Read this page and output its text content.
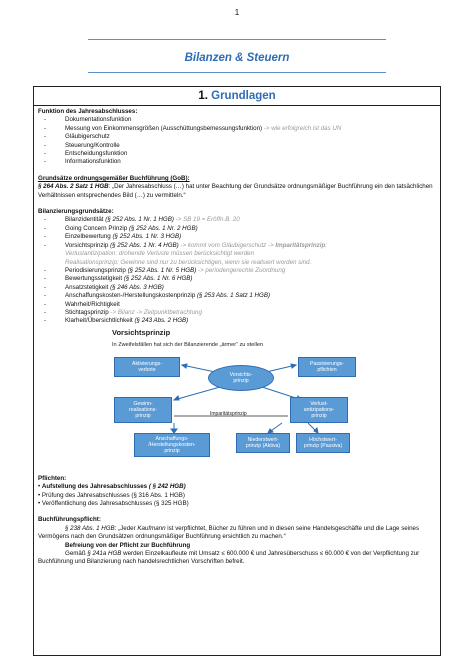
1
Bilanzen & Steuern
1. Grundlagen
Funktion des Jahresabschlusses:
-	Dokumentationsfunktion
-	Messung von Einkommensgrößen (Ausschüttungsbemessungsfunktion) -> wie erfolgreich ist das UN
-	Gläubigerschutz
-	Steuerung/Kontrolle
-	Entscheidungsfunktion
-	Informationsfunktion
Grundsätze ordnungsgemäßer Buchführung (GoB):
§ 264 Abs. 2 Satz 1 HGB: „Der Jahresabschluss (…) hat unter Beachtung der Grundsätze ordnungsmäßiger Buchführung ein den tatsächlichen Verhältnissen entsprechendes Bild (…) zu vermitteln.“
Bilanzierungsgrundsätze:
-	Bilanzidentität (§ 252 Abs. 1 Nr. 1 HGB) -> SB 19 = Eröffn.B. 20
-	Going Concern Prinzip (§ 252 Abs. 1 Nr. 2 HGB)
-	Einzelbewertung (§ 252 Abs. 1 Nr. 3 HGB)
-	Vorsichtsprinzip (§ 252 Abs. 1 Nr. 4 HGB) -> kommt vom Gläubigerschutz -> Imparitätsprinzip:
Verlustantizipation: drohende Verluste müssen berücksichtigt werden
Realisationsprinzip: Gewinne sind nur zu berücksichtigen, wenn sie realisiert worden sind.
-	Periodisierungsprinzip (§ 252 Abs. 1 Nr. 5 HGB) -> periodengerechte Zuordnung
-	Bewertungsstetigkeit (§ 252 Abs. 1 Nr. 6 HGB)
-	Ansatzstetigkeit (§ 246 Abs. 3 HGB)
-	Anschaffungskosten-/Herstellungskostenprinzip (§ 253 Abs. 1 Satz 1 HGB)
-	Wahrheit/Richtigkeit
-	Stichtagsprinzip -> Bilanz -> Zeitpunktbetrachtung
-	Klarheit/Übersichtlichkeit (§ 243 Abs. 2 HGB)
Vorsichtsprinzip
In Zweifelsfällen hat sich der Bilanzierende „ärmer“ zu stellen
Aktivierungs-
verbote
Passivierungs-
pflichten
Vorsichts-
prinzip
Gewinn-
realisations-
prinzip
Verlust-
antizipations-
prinzip
Imparitätsprinzip
Anschaffungs-
/Herstellungskosten-
prinzip
Niederstwert-
prinzip (Aktiva)
Höchstwert-
prinzip (Passiva)
Pflichten:
• Aufstellung des Jahresabschlusses ( § 242 HGB)
• Prüfung des Jahresabschlusses (§ 316 Abs. 1 HGB)
• Veröffentlichung des Jahresabschlusses (§ 325 HGB)
Buchführungspflicht:
§ 238 Abs. 1 HGB: „Jeder Kaufmann ist verpflichtet, Bücher zu führen und in diesen seine Handelsgeschäfte und die Lage seines Vermögens nach den Grundsätzen ordnungsmäßiger Buchführung ersichtlich zu machen.“
Befreiung von der Pflicht zur Buchführung
Gemäß § 241a HGB werden Einzelkaufleute mit Umsatz ≤ 600.000 € und Jahresüberschuss ≤ 60.000 € von der Verpflichtung zur Buchführung und Bilanzierung nach handelsrechtlichen Vorschriften befreit.
